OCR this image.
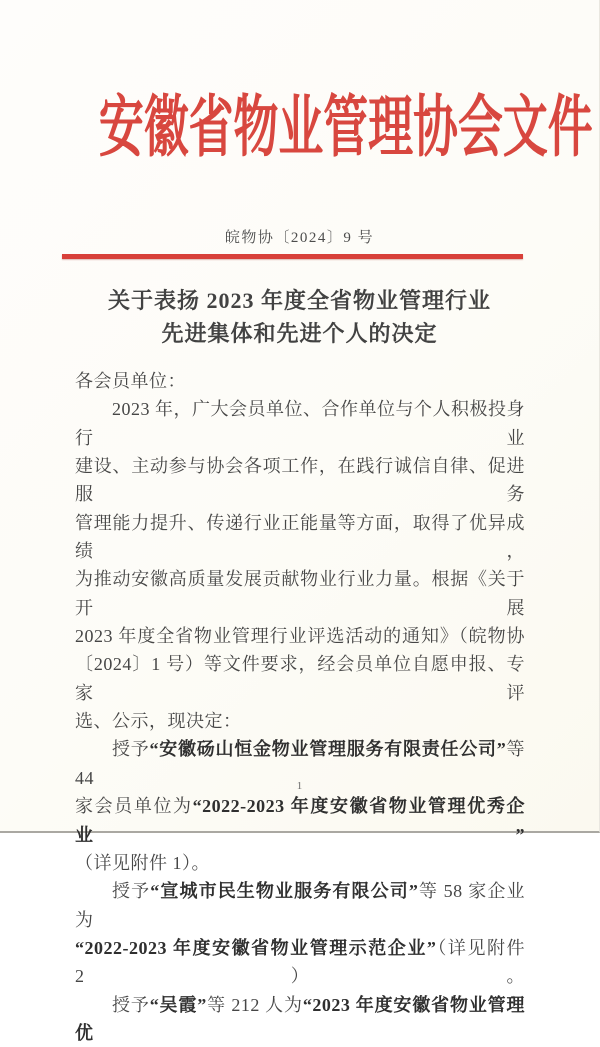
安徽省物业管理协会文件
皖物协〔2024〕9 号
关于表扬 2023 年度全省物业管理行业
先进集体和先进个人的决定
各会员单位：
2023 年，广大会员单位、合作单位与个人积极投身行业
建设、主动参与协会各项工作，在践行诚信自律、促进服务
管理能力提升、传递行业正能量等方面，取得了优异成绩，
为推动安徽高质量发展贡献物业行业力量。根据《关于开展
2023 年度全省物业管理行业评选活动的通知》（皖物协
〔2024〕1 号）等文件要求，经会员单位自愿申报、专家评
选、公示，现决定：
授予“安徽砀山恒金物业管理服务有限责任公司”等 44
家会员单位为“2022-2023 年度安徽省物业管理优秀企业”
（详见附件 1）。
授予“宣城市民生物业服务有限公司”等 58 家企业为
“2022-2023 年度安徽省物业管理示范企业”（详见附件 2）。
授予“吴霞”等 212 人为“2023 年度安徽省物业管理优
1
